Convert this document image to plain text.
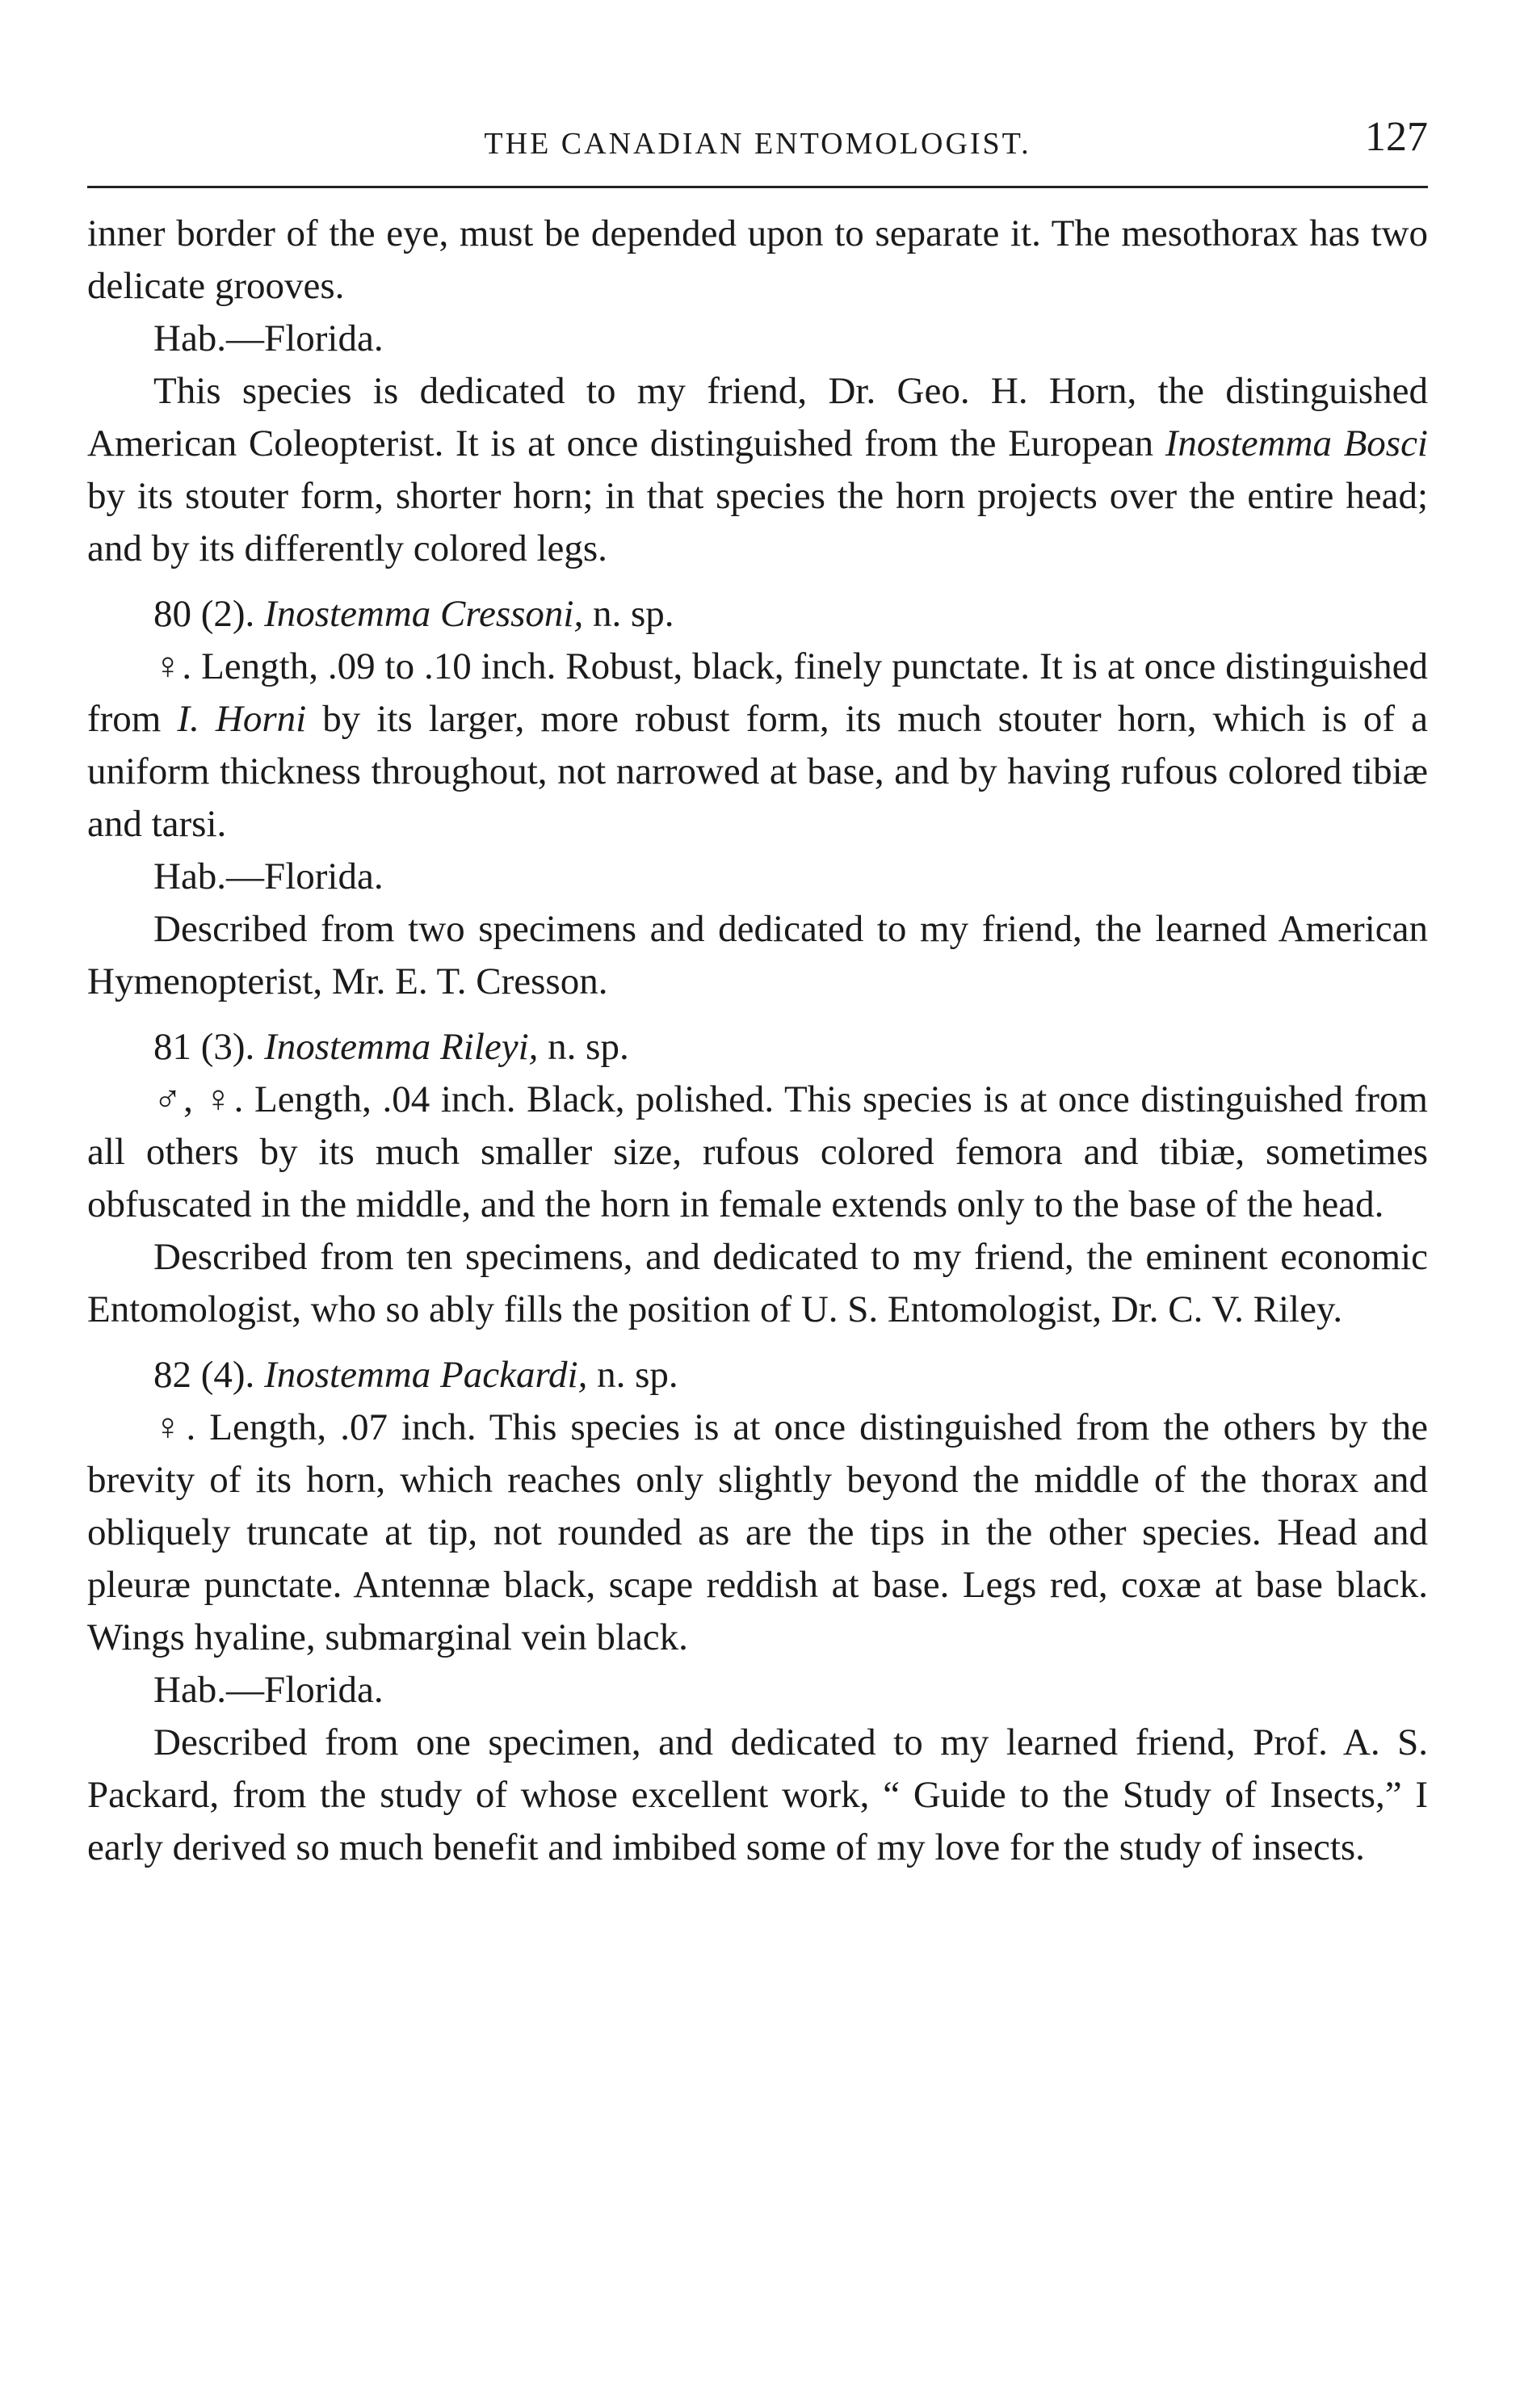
THE CANADIAN ENTOMOLOGIST.	127

inner border of the eye, must be depended upon to separate it. The mesothorax has two delicate grooves.

Hab.—Florida.

This species is dedicated to my friend, Dr. Geo. H. Horn, the distinguished American Coleopterist. It is at once distinguished from the European Inostemma Bosci by its stouter form, shorter horn; in that species the horn projects over the entire head; and by its differently colored legs.

80 (2). Inostemma Cressoni, n. sp.

♀. Length, .09 to .10 inch. Robust, black, finely punctate. It is at once distinguished from I. Horni by its larger, more robust form, its much stouter horn, which is of a uniform thickness throughout, not narrowed at base, and by having rufous colored tibiæ and tarsi.

Hab.—Florida.

Described from two specimens and dedicated to my friend, the learned American Hymenopterist, Mr. E. T. Cresson.

81 (3). Inostemma Rileyi, n. sp.

♂, ♀. Length, .04 inch. Black, polished. This species is at once distinguished from all others by its much smaller size, rufous colored femora and tibiæ, sometimes obfuscated in the middle, and the horn in female extends only to the base of the head.

Described from ten specimens, and dedicated to my friend, the eminent economic Entomologist, who so ably fills the position of U. S. Entomologist, Dr. C. V. Riley.

82 (4). Inostemma Packardi, n. sp.

♀. Length, .07 inch. This species is at once distinguished from the others by the brevity of its horn, which reaches only slightly beyond the middle of the thorax and obliquely truncate at tip, not rounded as are the tips in the other species. Head and pleuræ punctate. Antennæ black, scape reddish at base. Legs red, coxæ at base black. Wings hyaline, submarginal vein black.

Hab.—Florida.

Described from one specimen, and dedicated to my learned friend, Prof. A. S. Packard, from the study of whose excellent work, “ Guide to the Study of Insects,” I early derived so much benefit and imbibed some of my love for the study of insects.
